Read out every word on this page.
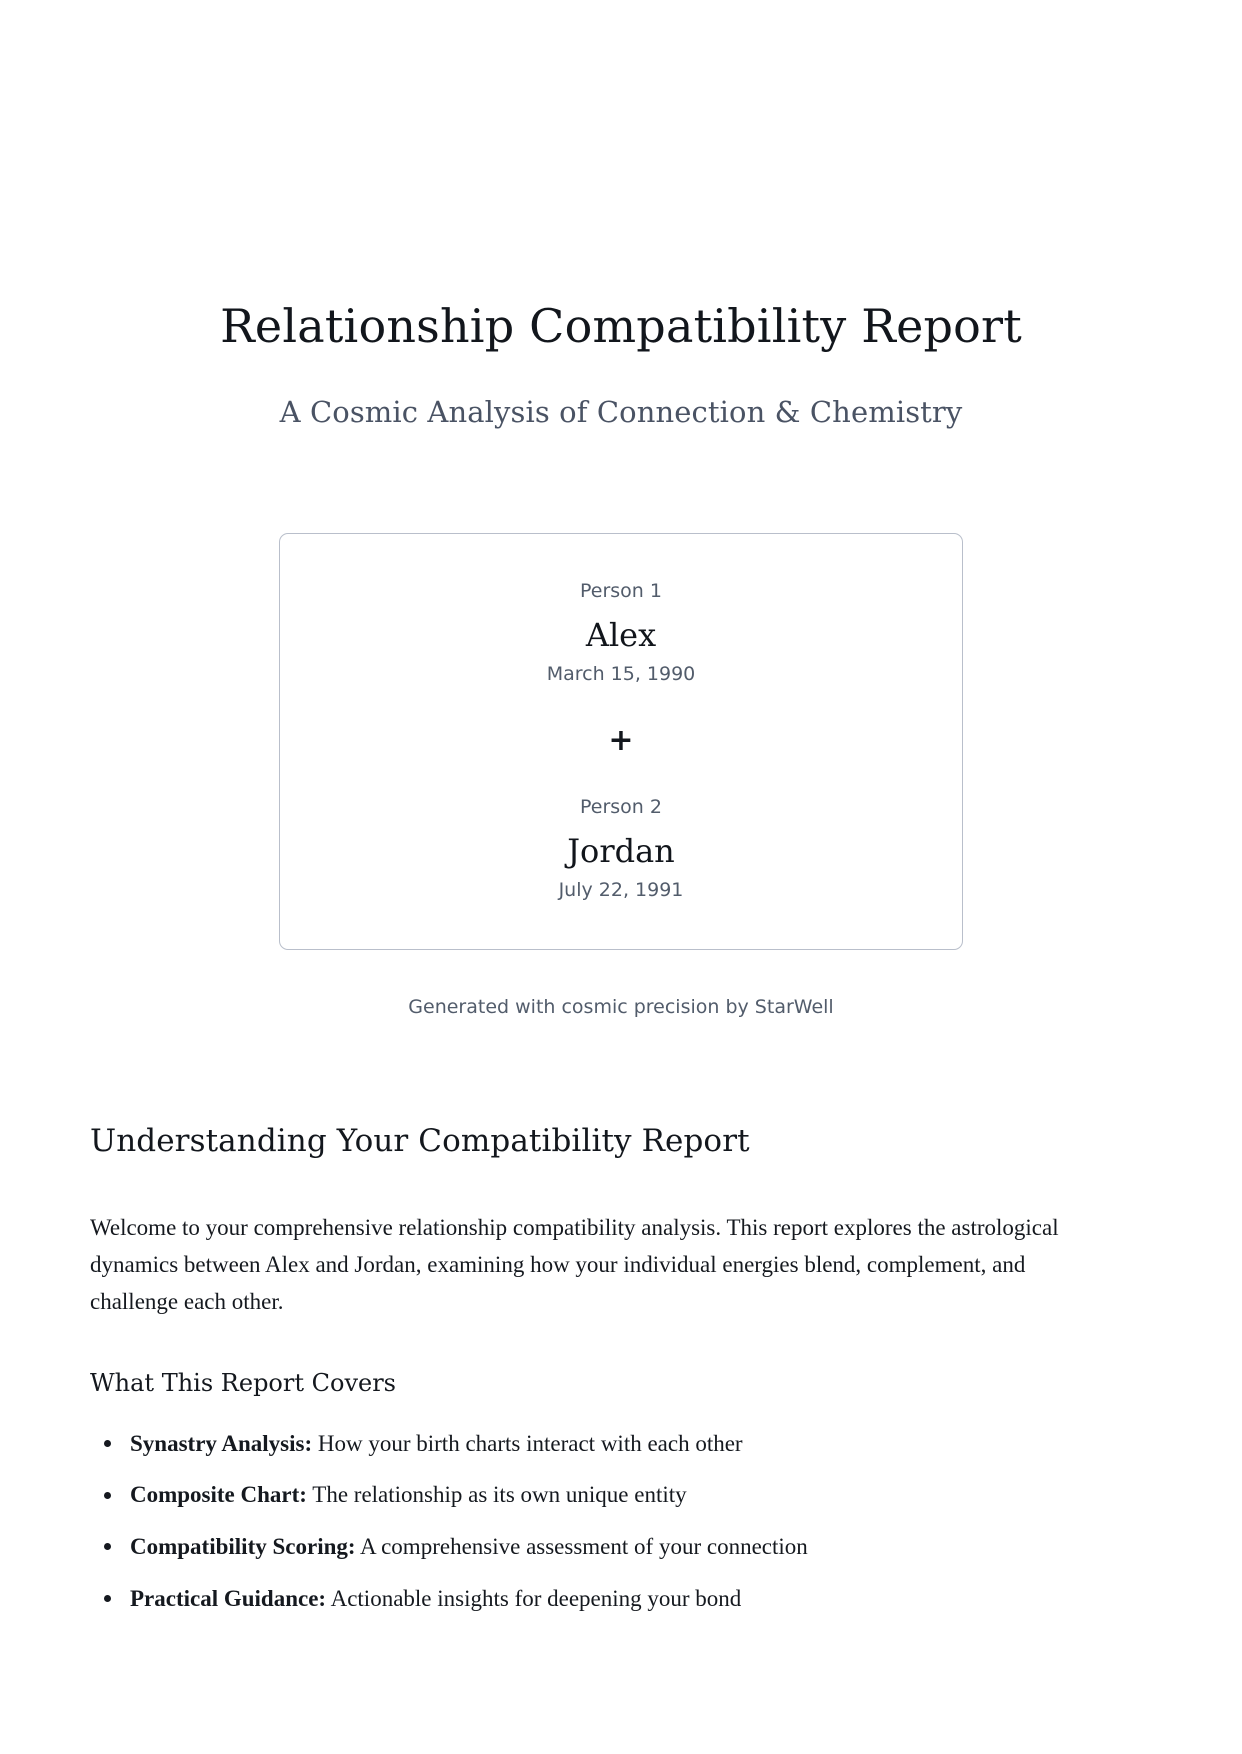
Relationship Compatibility Report

A Cosmic Analysis of Connection & Chemistry

Person 1

Alex

March 15, 1990

+

Person 2

Jordan

July 22, 1991

Generated with cosmic precision by StarWell

Understanding Your Compatibility Report

Welcome to your comprehensive relationship compatibility analysis. This report explores the astrological dynamics between Alex and Jordan, examining how your individual energies blend, complement, and challenge each other.

What This Report Covers
Synastry Analysis: How your birth charts interact with each other
Composite Chart: The relationship as its own unique entity
Compatibility Scoring: A comprehensive assessment of your connection
Practical Guidance: Actionable insights for deepening your bond
